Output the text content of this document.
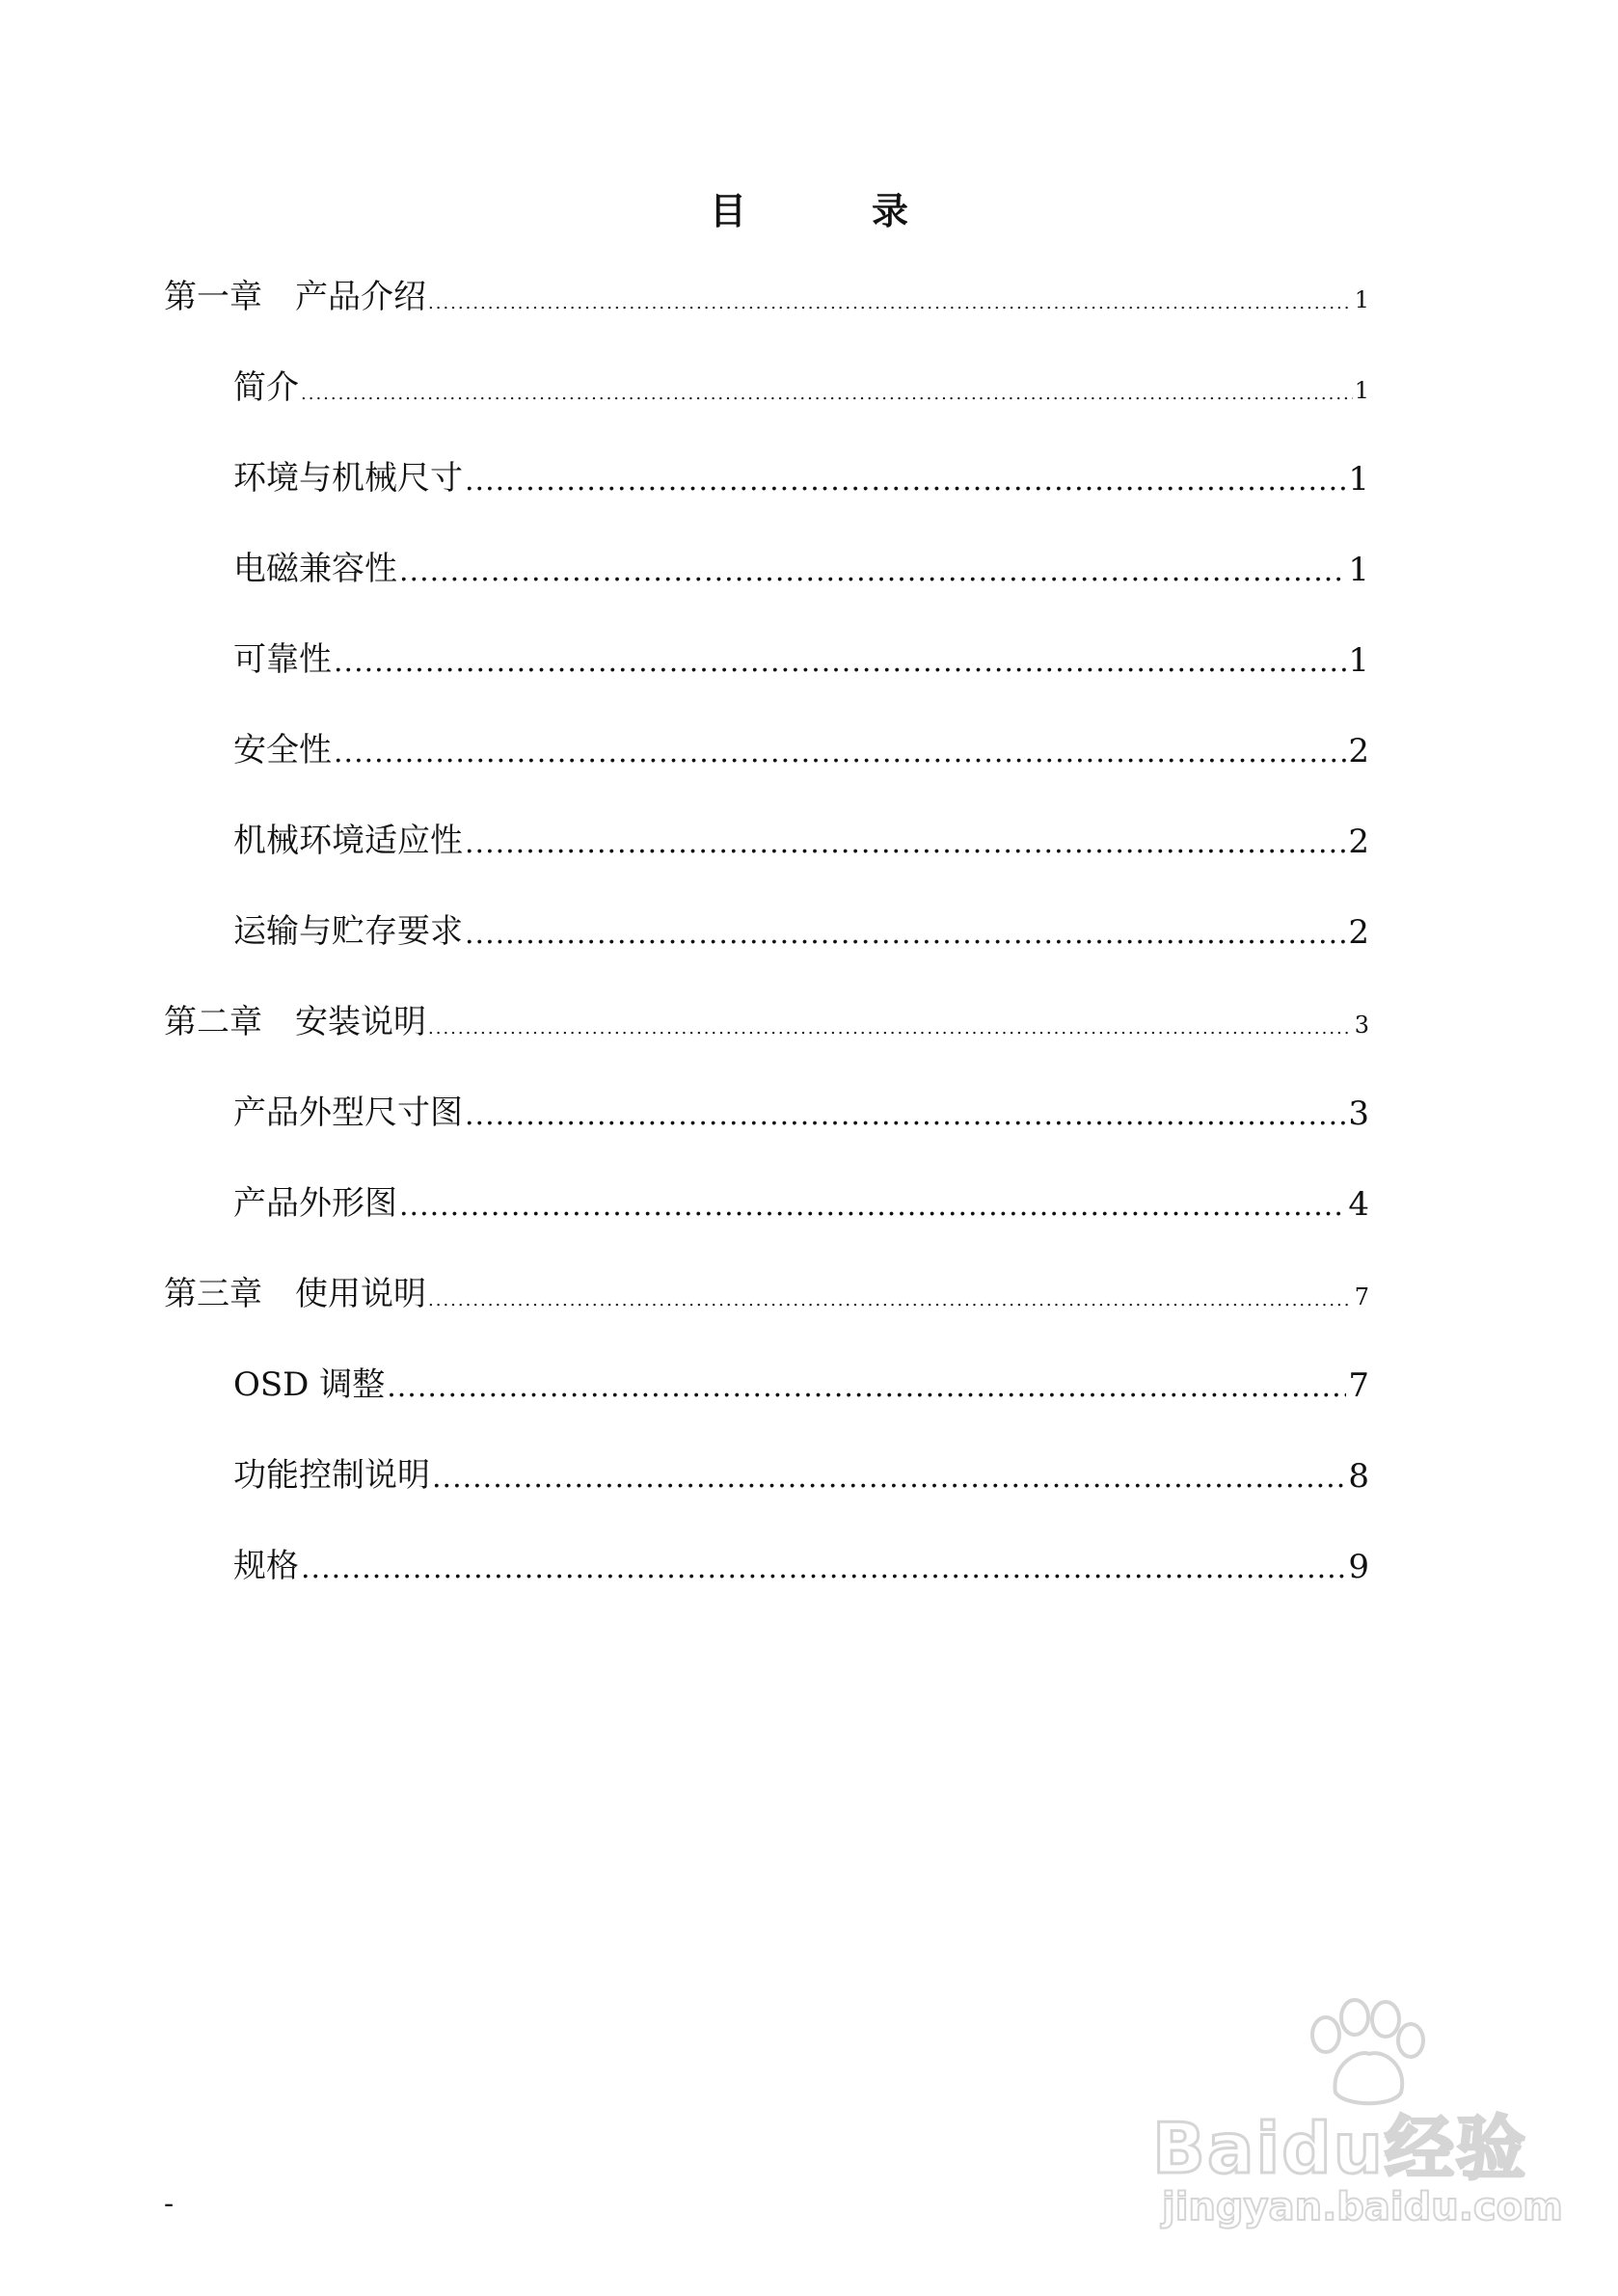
目　录
第一章　产品介绍 .....	1
简介 .....	1
环境与机械尺寸 .....	1
电磁兼容性 .....	1
可靠性 .....	1
安全性 .....	2
机械环境适应性 .....	2
运输与贮存要求 .....	2
第二章　安装说明 .....	3
产品外型尺寸图 .....	3
产品外形图 .....	4
第三章　使用说明 .....	7
OSD 调整 .....	7
功能控制说明 .....	8
规格 .....	9
-
Baidu经验
jingyan.baidu.com
